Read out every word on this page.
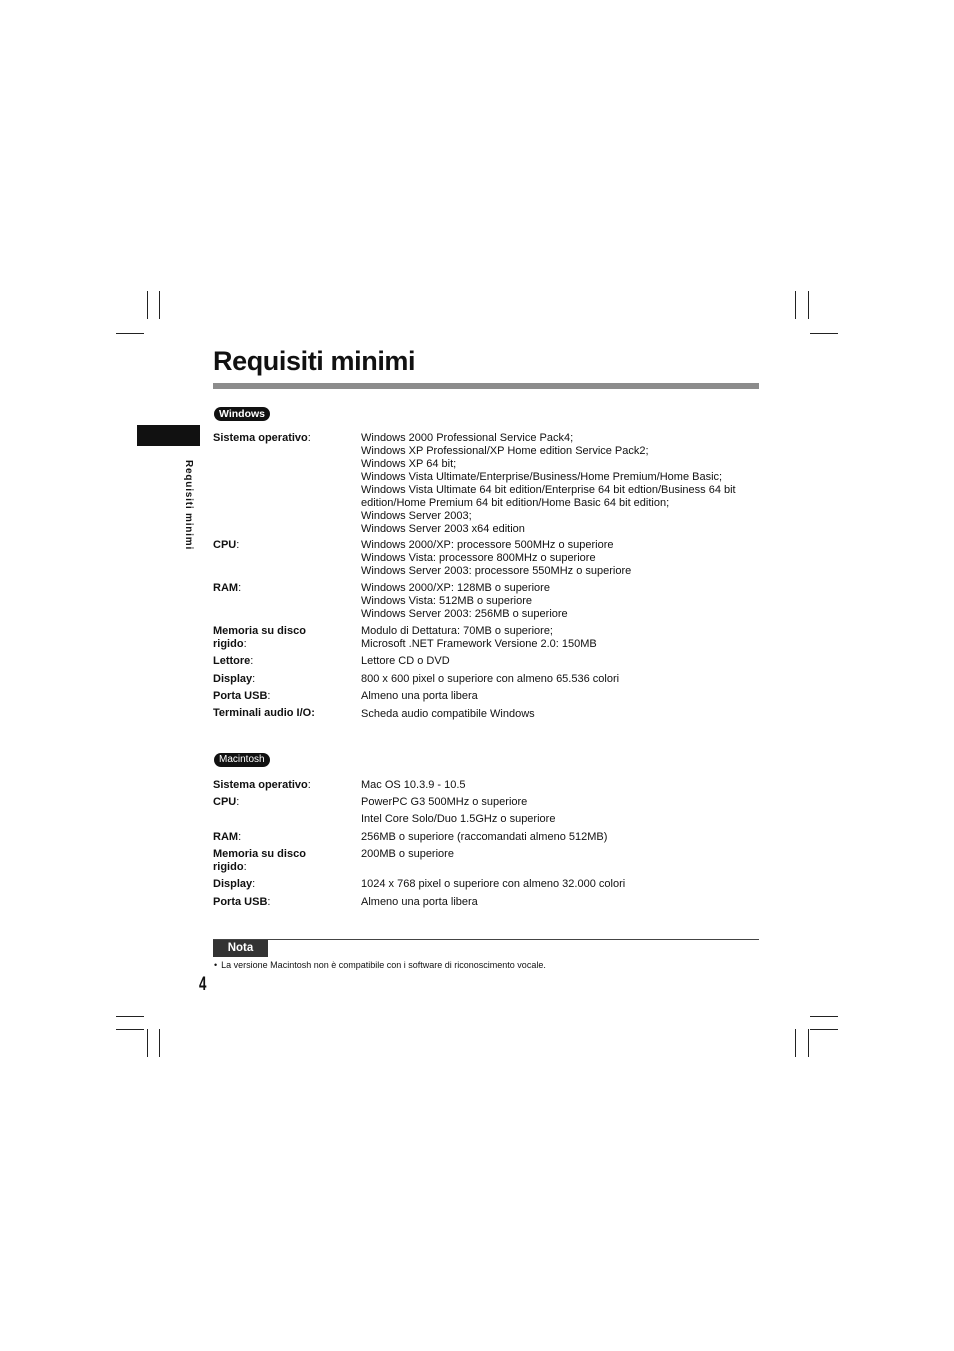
Requisiti minimi
Requisiti minimi
Windows
Sistema operativo:	Windows 2000 Professional Service Pack4;
Windows XP Professional/XP Home edition Service Pack2;
Windows XP 64 bit;
Windows Vista Ultimate/Enterprise/Business/Home Premium/Home Basic;
Windows Vista Ultimate 64 bit edition/Enterprise 64 bit edtion/Business 64 bit
edition/Home Premium 64 bit edition/Home Basic 64 bit edition;
Windows Server 2003;
Windows Server 2003 x64 edition
CPU:	Windows 2000/XP: processore 500MHz o superiore
Windows Vista: processore 800MHz o superiore
Windows Server 2003: processore 550MHz o superiore
RAM:	Windows 2000/XP: 128MB o superiore
Windows Vista: 512MB o superiore
Windows Server 2003: 256MB o superiore
Memoria su disco
rigido:
Modulo di Dettatura: 70MB o superiore;
Microsoft .NET Framework Versione 2.0: 150MB
Lettore:	Lettore CD o DVD
Display:	800 x 600 pixel o superiore con almeno 65.536 colori
Porta USB:	Almeno una porta libera
Terminali audio I/O:	Scheda audio compatibile Windows
Macintosh
Sistema operativo:	Mac OS 10.3.9 - 10.5
CPU:	PowerPC G3 500MHz o superiore
Intel Core Solo/Duo 1.5GHz o superiore
RAM:	256MB o superiore (raccomandati almeno 512MB)
Memoria su disco
rigido:
200MB o superiore
Display:	1024 x 768 pixel o superiore con almeno 32.000 colori
Porta USB:	Almeno una porta libera
Nota
• La versione Macintosh non è compatibile con i software di riconoscimento vocale.
4
